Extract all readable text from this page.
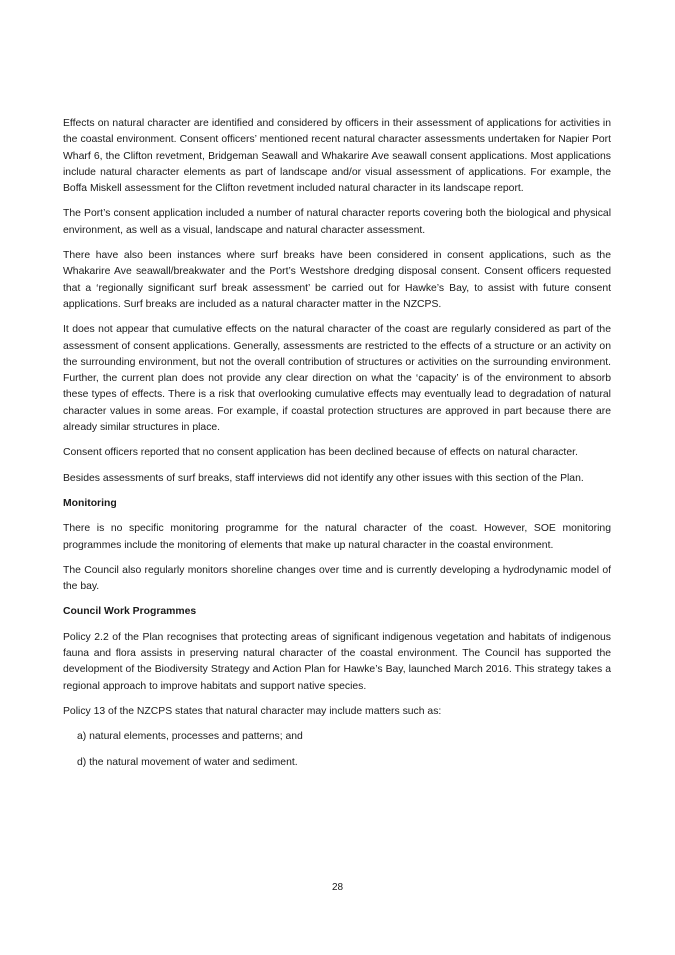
Effects on natural character are identified and considered by officers in their assessment of applications for activities in the coastal environment. Consent officers’ mentioned recent natural character assessments undertaken for Napier Port Wharf 6, the Clifton revetment, Bridgeman Seawall and Whakarire Ave seawall consent applications. Most applications include natural character elements as part of landscape and/or visual assessment of applications. For example, the Boffa Miskell assessment for the Clifton revetment included natural character in its landscape report.

The Port’s consent application included a number of natural character reports covering both the biological and physical environment, as well as a visual, landscape and natural character assessment.

There have also been instances where surf breaks have been considered in consent applications, such as the Whakarire Ave seawall/breakwater and the Port’s Westshore dredging disposal consent. Consent officers requested that a ‘regionally significant surf break assessment’ be carried out for Hawke’s Bay, to assist with future consent applications. Surf breaks are included as a natural character matter in the NZCPS.

It does not appear that cumulative effects on the natural character of the coast are regularly considered as part of the assessment of consent applications. Generally, assessments are restricted to the effects of a structure or an activity on the surrounding environment, but not the overall contribution of structures or activities on the surrounding environment. Further, the current plan does not provide any clear direction on what the ‘capacity’ is of the environment to absorb these types of effects. There is a risk that overlooking cumulative effects may eventually lead to degradation of natural character values in some areas. For example, if coastal protection structures are approved in part because there are already similar structures in place.

Consent officers reported that no consent application has been declined because of effects on natural character.

Besides assessments of surf breaks, staff interviews did not identify any other issues with this section of the Plan.

Monitoring

There is no specific monitoring programme for the natural character of the coast. However, SOE monitoring programmes include the monitoring of elements that make up natural character in the coastal environment.

The Council also regularly monitors shoreline changes over time and is currently developing a hydrodynamic model of the bay.

Council Work Programmes

Policy 2.2 of the Plan recognises that protecting areas of significant indigenous vegetation and habitats of indigenous fauna and flora assists in preserving natural character of the coastal environment. The Council has supported the development of the Biodiversity Strategy and Action Plan for Hawke’s Bay, launched March 2016. This strategy takes a regional approach to improve habitats and support native species.

Policy 13 of the NZCPS states that natural character may include matters such as:

a) natural elements, processes and patterns; and

d) the natural movement of water and sediment.

28
